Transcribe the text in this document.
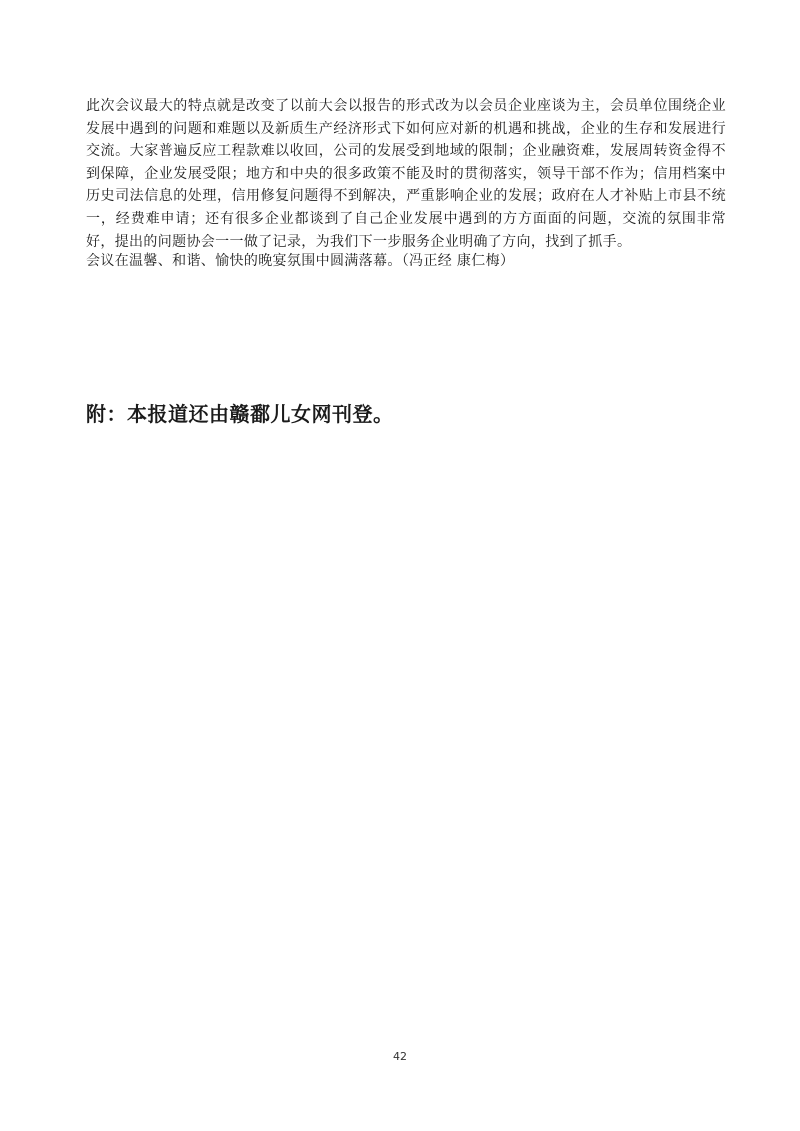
此次会议最大的特点就是改变了以前大会以报告的形式改为以会员企业座谈为主，会员单位围绕企业发展中遇到的问题和难题以及新质生产经济形式下如何应对新的机遇和挑战，企业的生存和发展进行交流。大家普遍反应工程款难以收回，公司的发展受到地域的限制；企业融资难，发展周转资金得不到保障，企业发展受限；地方和中央的很多政策不能及时的贯彻落实，领导干部不作为；信用档案中历史司法信息的处理，信用修复问题得不到解决，严重影响企业的发展；政府在人才补贴上市县不统一，经费难申请；还有很多企业都谈到了自己企业发展中遇到的方方面面的问题，交流的氛围非常好，提出的问题协会一一做了记录，为我们下一步服务企业明确了方向，找到了抓手。

会议在温馨、和谐、愉快的晚宴氛围中圆满落幕。（冯正经 康仁梅）

附：本报道还由赣鄱儿女网刊登。

42
